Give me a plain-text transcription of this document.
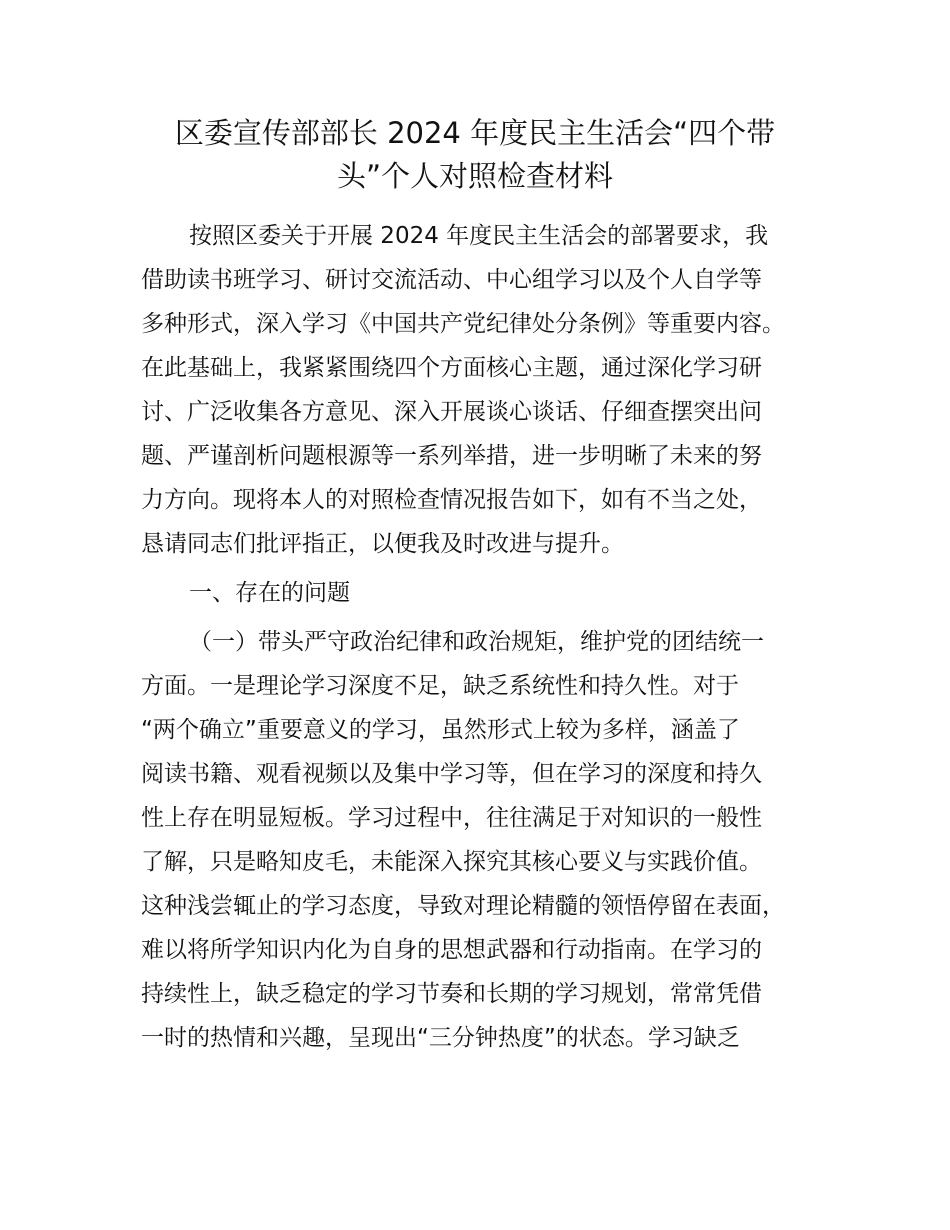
区委宣传部部长 2024 年度民主生活会“四个带
头”个人对照检查材料
按照区委关于开展 2024 年度民主生活会的部署要求，我
借助读书班学习、研讨交流活动、中心组学习以及个人自学等
多种形式，深入学习《中国共产党纪律处分条例》等重要内容。
在此基础上，我紧紧围绕四个方面核心主题，通过深化学习研
讨、广泛收集各方意见、深入开展谈心谈话、仔细查摆突出问
题、严谨剖析问题根源等一系列举措，进一步明晰了未来的努
力方向。现将本人的对照检查情况报告如下，如有不当之处，
恳请同志们批评指正，以便我及时改进与提升。
一、存在的问题
（一）带头严守政治纪律和政治规矩，维护党的团结统一
方面。一是理论学习深度不足，缺乏系统性和持久性。对于
“两个确立”重要意义的学习，虽然形式上较为多样，涵盖了
阅读书籍、观看视频以及集中学习等，但在学习的深度和持久
性上存在明显短板。学习过程中，往往满足于对知识的一般性
了解，只是略知皮毛，未能深入探究其核心要义与实践价值。
这种浅尝辄止的学习态度，导致对理论精髓的领悟停留在表面，
难以将所学知识内化为自身的思想武器和行动指南。在学习的
持续性上，缺乏稳定的学习节奏和长期的学习规划，常常凭借
一时的热情和兴趣，呈现出“三分钟热度”的状态。学习缺乏
